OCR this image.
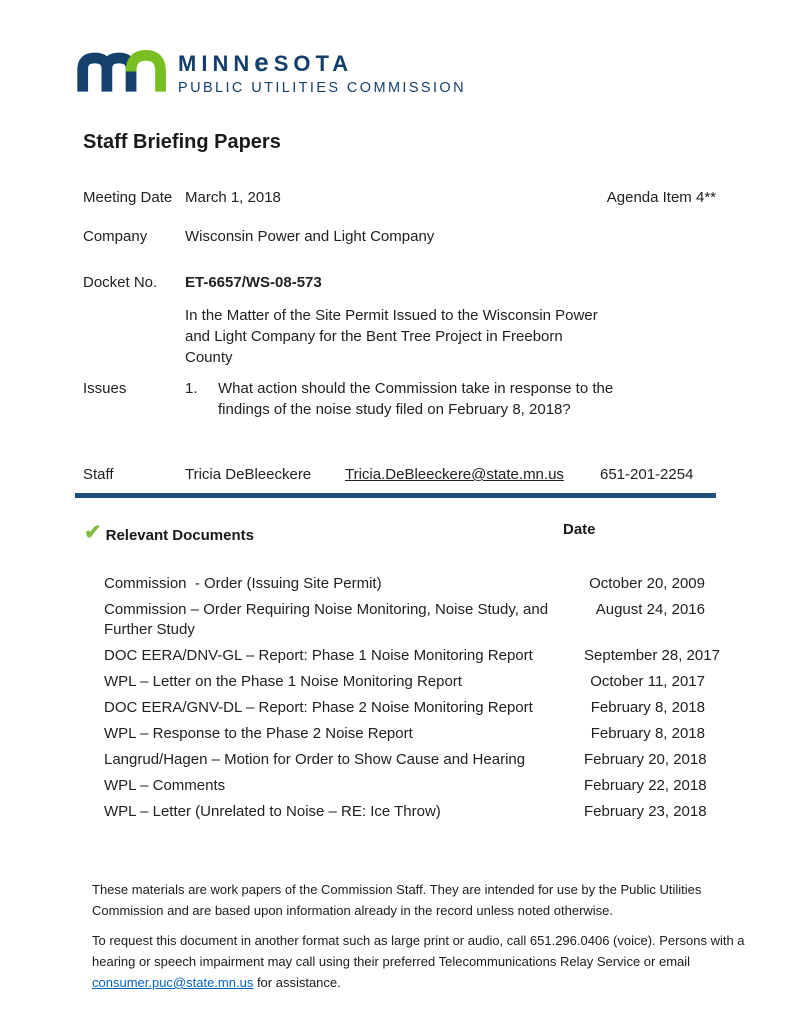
MINNeSOTA
PUBLIC UTILITIES COMMISSION
Staff Briefing Papers
Meeting Date March 1, 2018	Agenda Item 4**
Company	Wisconsin Power and Light Company
Docket No.	ET-6657/WS-08-573
In the Matter of the Site Permit Issued to the Wisconsin Power and Light Company for the Bent Tree Project in Freeborn County
Issues	1.	What action should the Commission take in response to the findings of the noise study filed on February 8, 2018?
Staff	Tricia DeBleeckere	Tricia.DeBleeckere@state.mn.us	651-201-2254
✔ Relevant Documents	Date
Commission  - Order (Issuing Site Permit)	October 20, 2009
Commission – Order Requiring Noise Monitoring, Noise Study, and Further Study
August 24, 2016
DOC EERA/DNV-GL – Report: Phase 1 Noise Monitoring Report	September 28, 2017
WPL – Letter on the Phase 1 Noise Monitoring Report	October 11, 2017
DOC EERA/GNV-DL – Report: Phase 2 Noise Monitoring Report	February 8, 2018
WPL – Response to the Phase 2 Noise Report	February 8, 2018
Langrud/Hagen – Motion for Order to Show Cause and Hearing	February 20, 2018
WPL – Comments	February 22, 2018
WPL – Letter (Unrelated to Noise – RE: Ice Throw)	February 23, 2018

These materials are work papers of the Commission Staff. They are intended for use by the Public Utilities Commission and are based upon information already in the record unless noted otherwise.

To request this document in another format such as large print or audio, call 651.296.0406 (voice). Persons with a hearing or speech impairment may call using their preferred Telecommunications Relay Service or email consumer.puc@state.mn.us for assistance.
